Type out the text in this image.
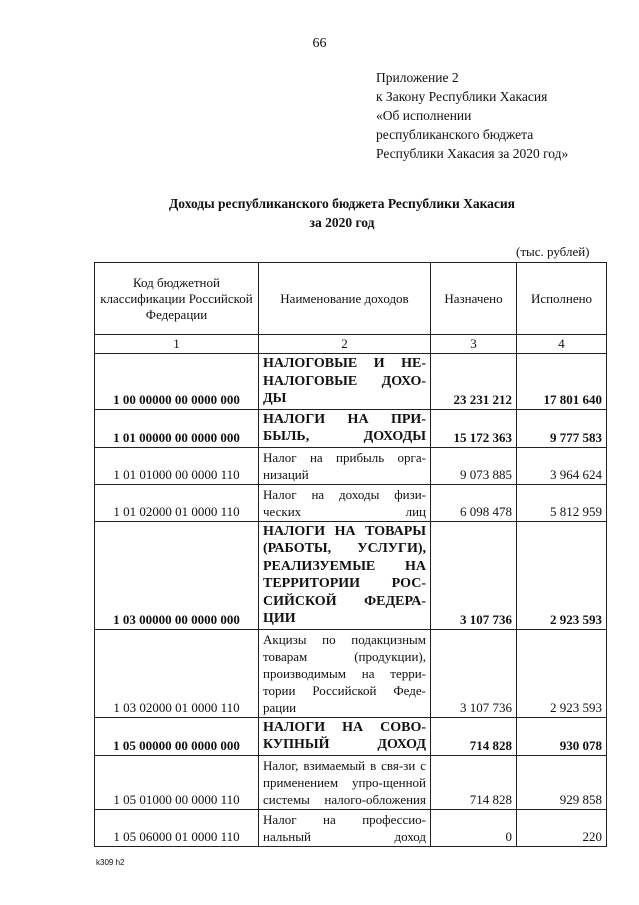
66
Приложение 2
к Закону Республики Хакасия
«Об исполнении
республиканского бюджета
Республики Хакасия за 2020 год»
Доходы республиканского бюджета Республики Хакасия
за 2020 год
(тыс. рублей)
Код бюджетной классификации Российской Федерации	Наименование доходов	Назначено	Исполнено
1	2	3	4
1 00 00000 00 0000 000	НАЛОГОВЫЕ И НЕ-НАЛОГОВЫЕ ДОХО-ДЫ	23 231 212	17 801 640
1 01 00000 00 0000 000	НАЛОГИ НА ПРИ-БЫЛЬ, ДОХОДЫ	15 172 363	9 777 583
1 01 01000 00 0000 110	Налог на прибыль орга-низаций	9 073 885	3 964 624
1 01 02000 01 0000 110	Налог на доходы физи-ческих лиц	6 098 478	5 812 959
1 03 00000 00 0000 000	НАЛОГИ НА ТОВАРЫ (РАБОТЫ, УСЛУГИ), РЕАЛИЗУЕМЫЕ НА ТЕРРИТОРИИ РОС-СИЙСКОЙ ФЕДЕРА-ЦИИ	3 107 736	2 923 593
1 03 02000 01 0000 110	Акцизы по подакцизным товарам (продукции), производимым на терри-тории Российской Феде-рации	3 107 736	2 923 593
1 05 00000 00 0000 000	НАЛОГИ НА СОВО-КУПНЫЙ ДОХОД	714 828	930 078
1 05 01000 00 0000 110	Налог, взимаемый в свя-зи с применением упро-щенной системы налого-обложения	714 828	929 858
1 05 06000 01 0000 110	Налог на профессио-нальный доход	0	220
k309 h2
